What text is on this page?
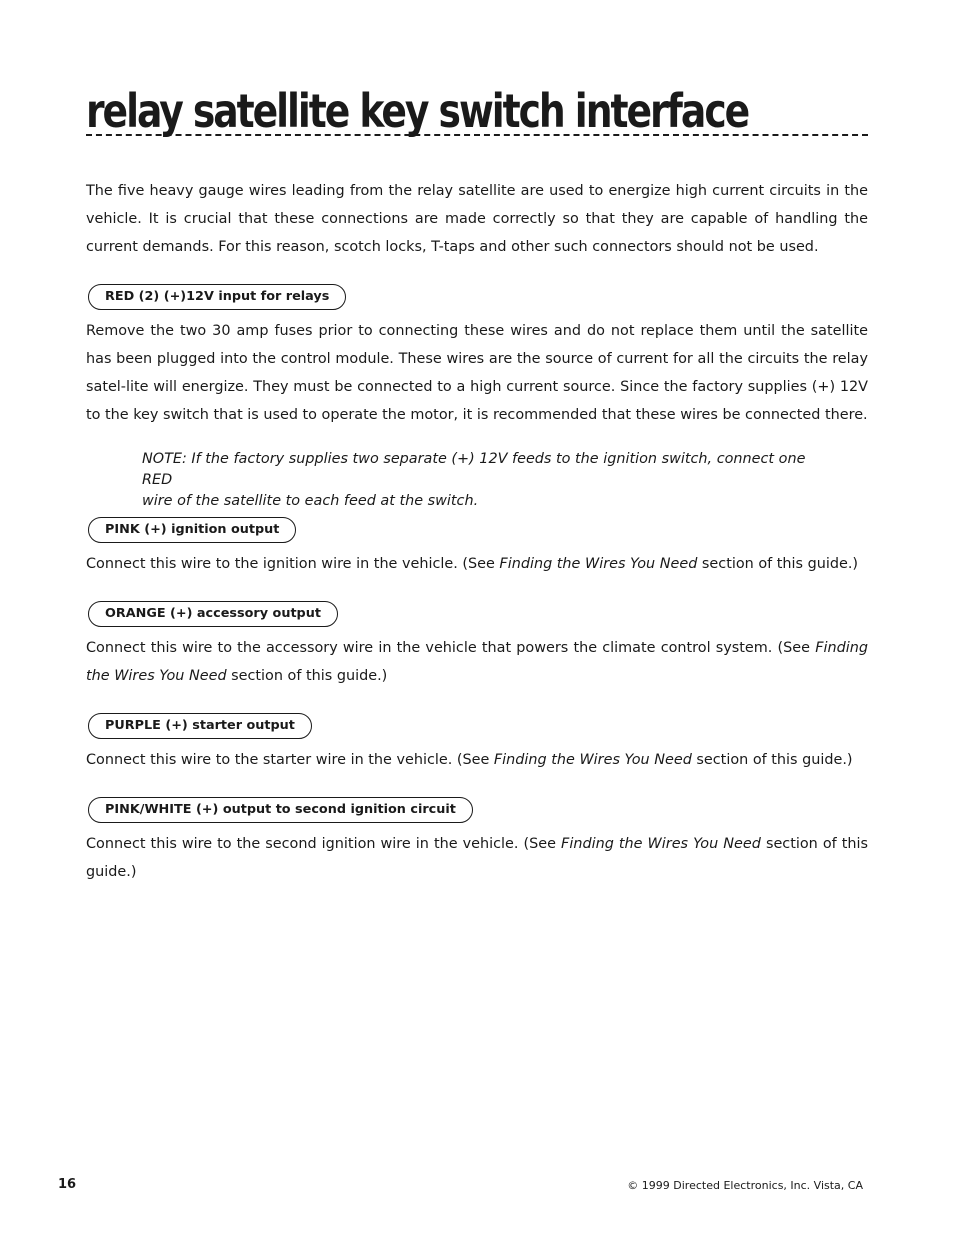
relay satellite key switch interface

The five heavy gauge wires leading from the relay satellite are used to energize high current circuits in the vehicle. It is crucial that these connections are made correctly so that they are capable of handling the current demands. For this reason, scotch locks, T-taps and other such connectors should not be used.

RED (2) (+)12V input for relays

Remove the two 30 amp fuses prior to connecting these wires and do not replace them until the satellite has been plugged into the control module. These wires are the source of current for all the circuits the relay satel-lite will energize. They must be connected to a high current source. Since the factory supplies (+) 12V to the key switch that is used to operate the motor, it is recommended that these wires be connected there.

NOTE: If the factory supplies two separate (+) 12V feeds to the ignition switch, connect one RED
wire of the satellite to each feed at the switch.
PINK (+) ignition output

Connect this wire to the ignition wire in the vehicle. (See Finding the Wires You Need section of this guide.)

ORANGE (+) accessory output

Connect this wire to the accessory wire in the vehicle that powers the climate control system. (See Finding the Wires You Need section of this guide.)

PURPLE (+) starter output

Connect this wire to the starter wire in the vehicle. (See Finding the Wires You Need section of this guide.)

PINK/WHITE (+) output to second ignition circuit

Connect this wire to the second ignition wire in the vehicle. (See Finding the Wires You Need section of this guide.)

16	© 1999 Directed Electronics, Inc. Vista, CA
